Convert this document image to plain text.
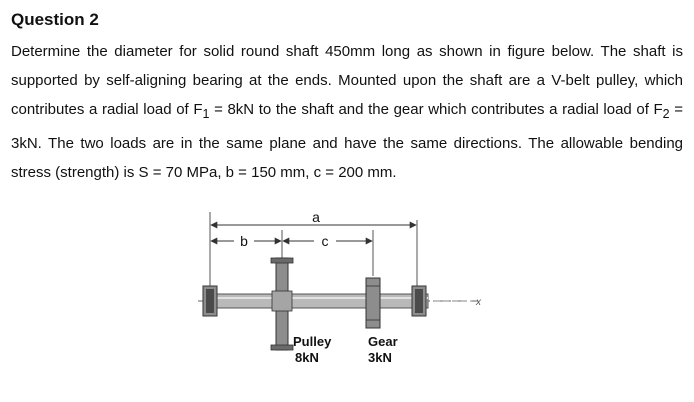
Question 2

Determine the diameter for solid round shaft 450mm long as shown in figure below. The shaft is supported by self-aligning bearing at the ends. Mounted upon the shaft are a V-belt pulley, which contributes a radial load of $F_1 = 8kN$ to the shaft and the gear which contributes a radial load of $F_2 = 3kN$. The two loads are in the same plane and have the same directions. The allowable bending stress (strength) is S = 70 MPa, b = 150 mm, c = 200 mm.

a
b	c
x
Pulley
8kN
Gear
3kN
